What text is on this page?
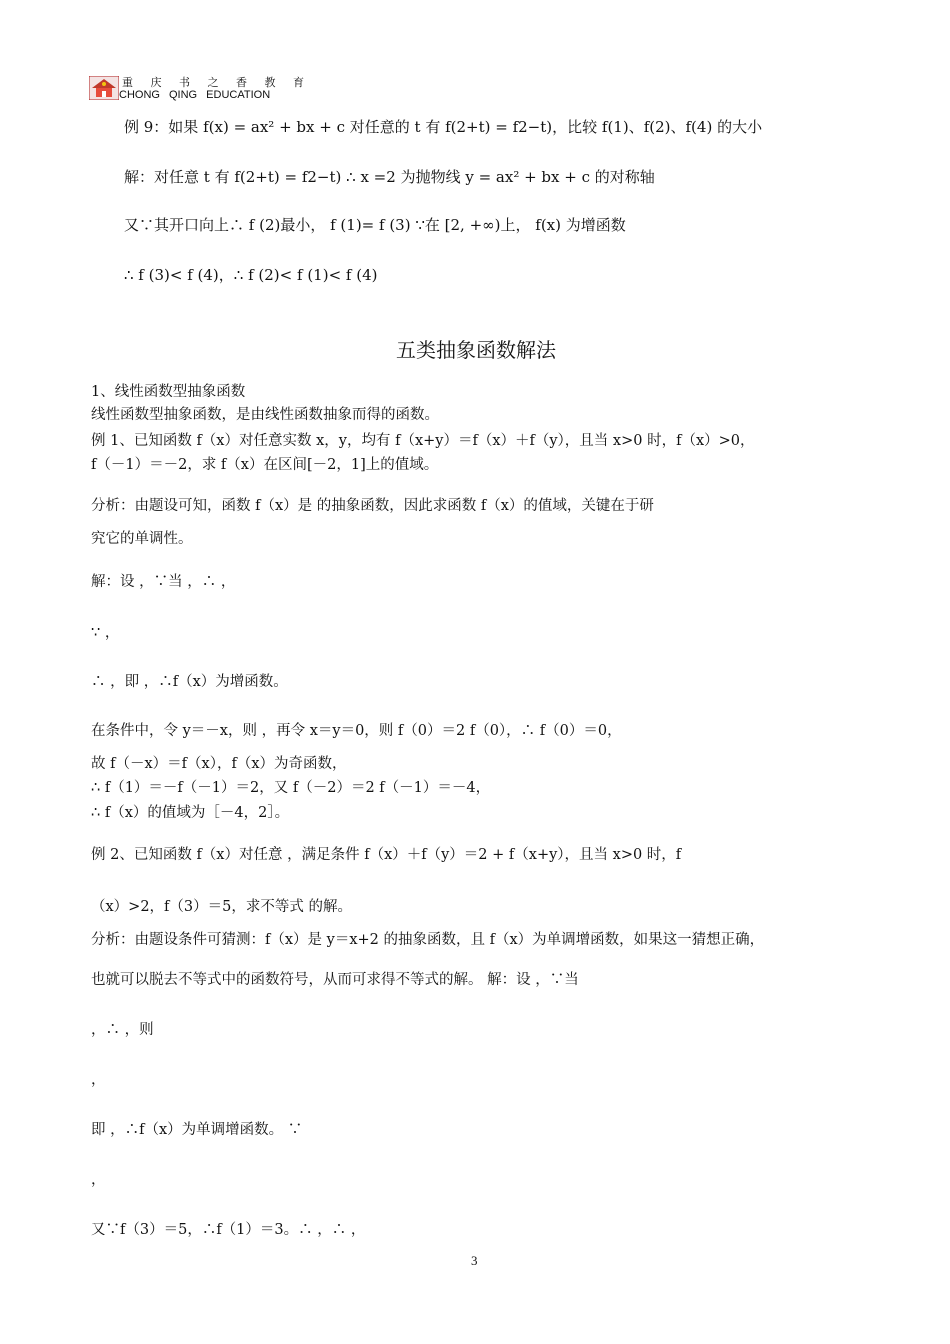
重 庆 书 之 香 教 育
CHONG QING EDUCATION
例 9：如果 f(x) = ax² + bx + c 对任意的 t 有 f(2+t) = f2−t)，比较 f(1)、f(2)、f(4) 的大小
解：对任意 t 有 f(2+t) = f2−t) ∴ x =2 为抛物线 y = ax² + bx + c 的对称轴
又∵其开口向上∴ f (2)最小， f (1)= f (3) ∵在 [2, +∞)上， f(x) 为增函数
∴ f (3)< f (4)，∴ f (2)< f (1)< f (4)
五类抽象函数解法
1、线性函数型抽象函数
线性函数型抽象函数，是由线性函数抽象而得的函数。
例 1、已知函数 f（x）对任意实数 x，y，均有 f（x+y）＝f（x）＋f（y），且当 x>0 时，f（x）>0，
f（－1）＝－2，求 f（x）在区间[－2，1]上的值域。
分析：由题设可知，函数 f（x）是 的抽象函数，因此求函数 f（x）的值域，关键在于研
究它的单调性。
解：设 ，∵当 ，∴ ，
∵ ，
∴ ，即 ，∴f（x）为增函数。
在条件中，令 y＝－x，则 ，再令 x＝y＝0，则 f（0）＝2 f（0），∴ f（0）＝0，
故 f（－x）＝f（x），f（x）为奇函数，
∴ f（1）＝－f（－1）＝2，又 f（－2）＝2 f（－1）＝－4，
∴ f（x）的值域为［－4，2］。
例 2、已知函数 f（x）对任意 ，满足条件 f（x）＋f（y）＝2 + f（x+y），且当 x>0 时，f
（x）>2，f（3）＝5，求不等式 的解。
分析：由题设条件可猜测：f（x）是 y＝x+2 的抽象函数，且 f（x）为单调增函数，如果这一猜想正确，
也就可以脱去不等式中的函数符号，从而可求得不等式的解。 解：设 ，∵当
，∴ ，则
，
即 ，∴f（x）为单调增函数。 ∵
，
又∵f（3）＝5，∴f（1）＝3。∴ ，∴ ，
3
